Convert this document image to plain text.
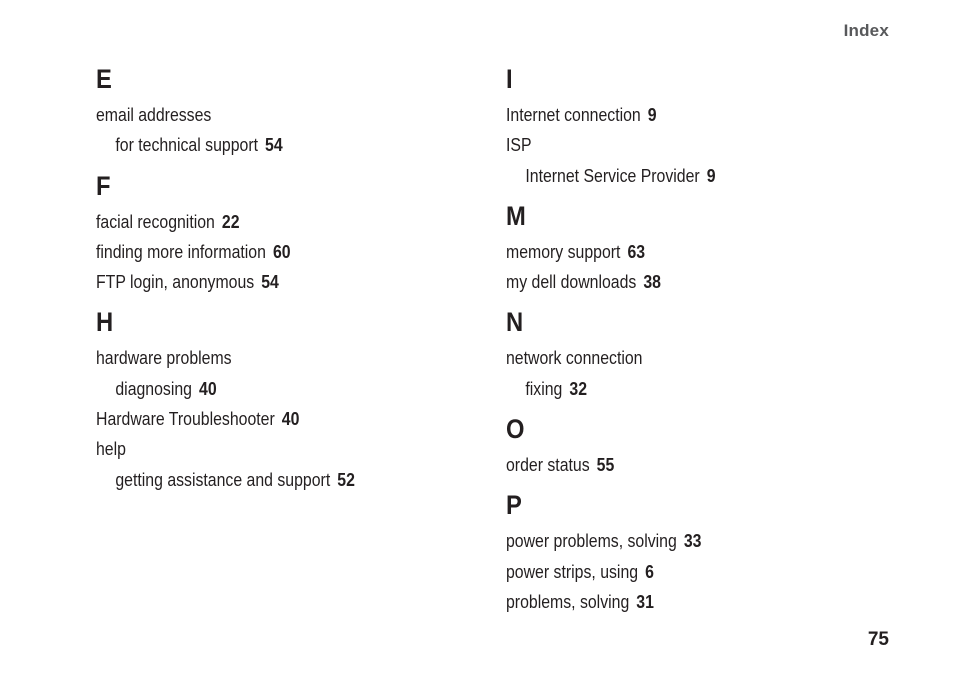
Index
E
email addresses
for technical support 54
F
facial recognition 22
finding more information 60
FTP login, anonymous 54
H
hardware problems
diagnosing 40
Hardware Troubleshooter 40
help
getting assistance and support 52
I
Internet connection 9
ISP
Internet Service Provider 9
M
memory support 63
my dell downloads 38
N
network connection
fixing 32
O
order status 55
P
power problems, solving 33
power strips, using 6
problems, solving 31
75
